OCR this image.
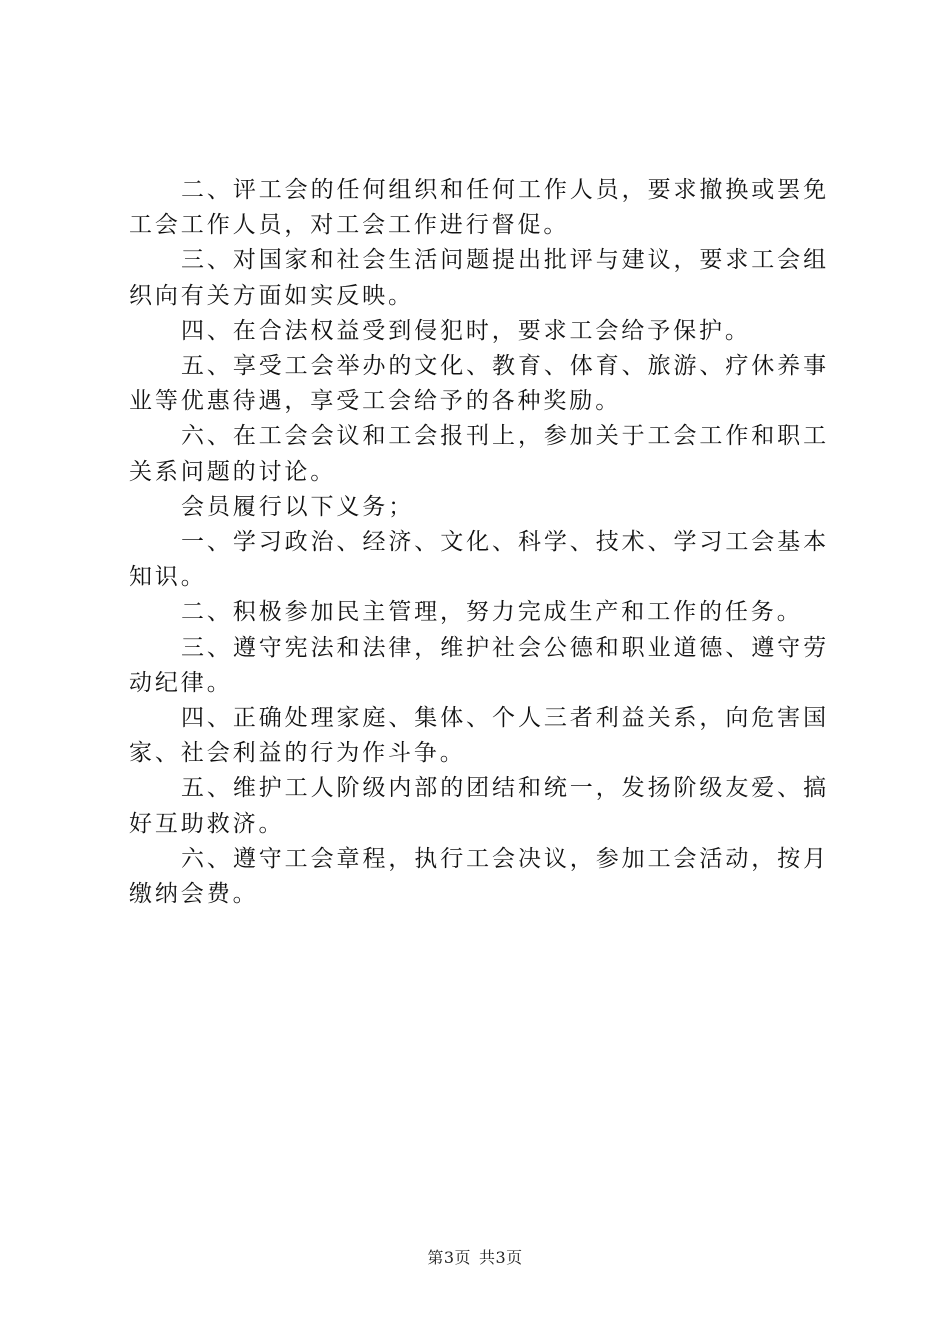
二、评工会的任何组织和任何工作人员，要求撤换或罢免工会工作人员，对工会工作进行督促。

三、对国家和社会生活问题提出批评与建议，要求工会组织向有关方面如实反映。

四、在合法权益受到侵犯时，要求工会给予保护。

五、享受工会举办的文化、教育、体育、旅游、疗休养事业等优惠待遇，享受工会给予的各种奖励。

六、在工会会议和工会报刊上，参加关于工会工作和职工关系问题的讨论。

会员履行以下义务；

一、学习政治、经济、文化、科学、技术、学习工会基本知识。

二、积极参加民主管理，努力完成生产和工作的任务。

三、遵守宪法和法律，维护社会公德和职业道德、遵守劳动纪律。

四、正确处理家庭、集体、个人三者利益关系，向危害国家、社会利益的行为作斗争。

五、维护工人阶级内部的团结和统一，发扬阶级友爱、搞好互助救济。

六、遵守工会章程，执行工会决议，参加工会活动，按月缴纳会费。

第3页 共3页
